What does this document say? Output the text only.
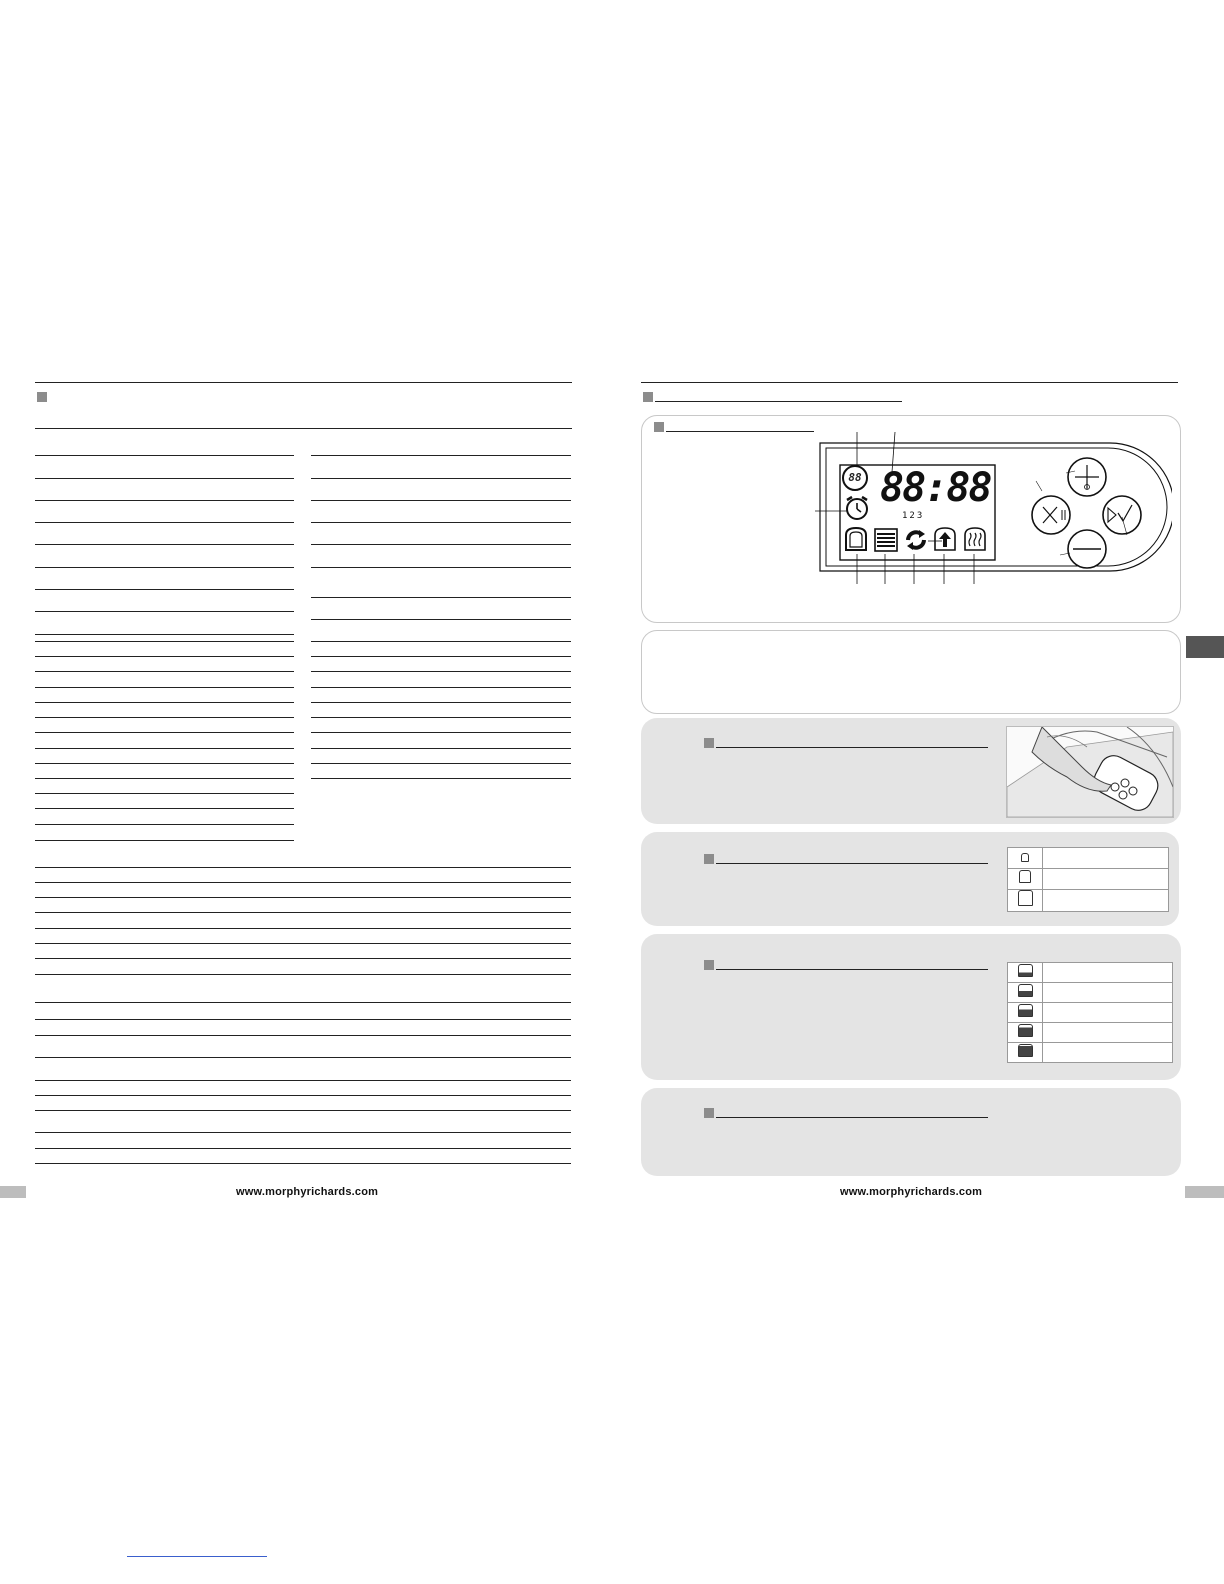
www.morphyrichards.com
88 88:88
123

www.morphyrichards.com
